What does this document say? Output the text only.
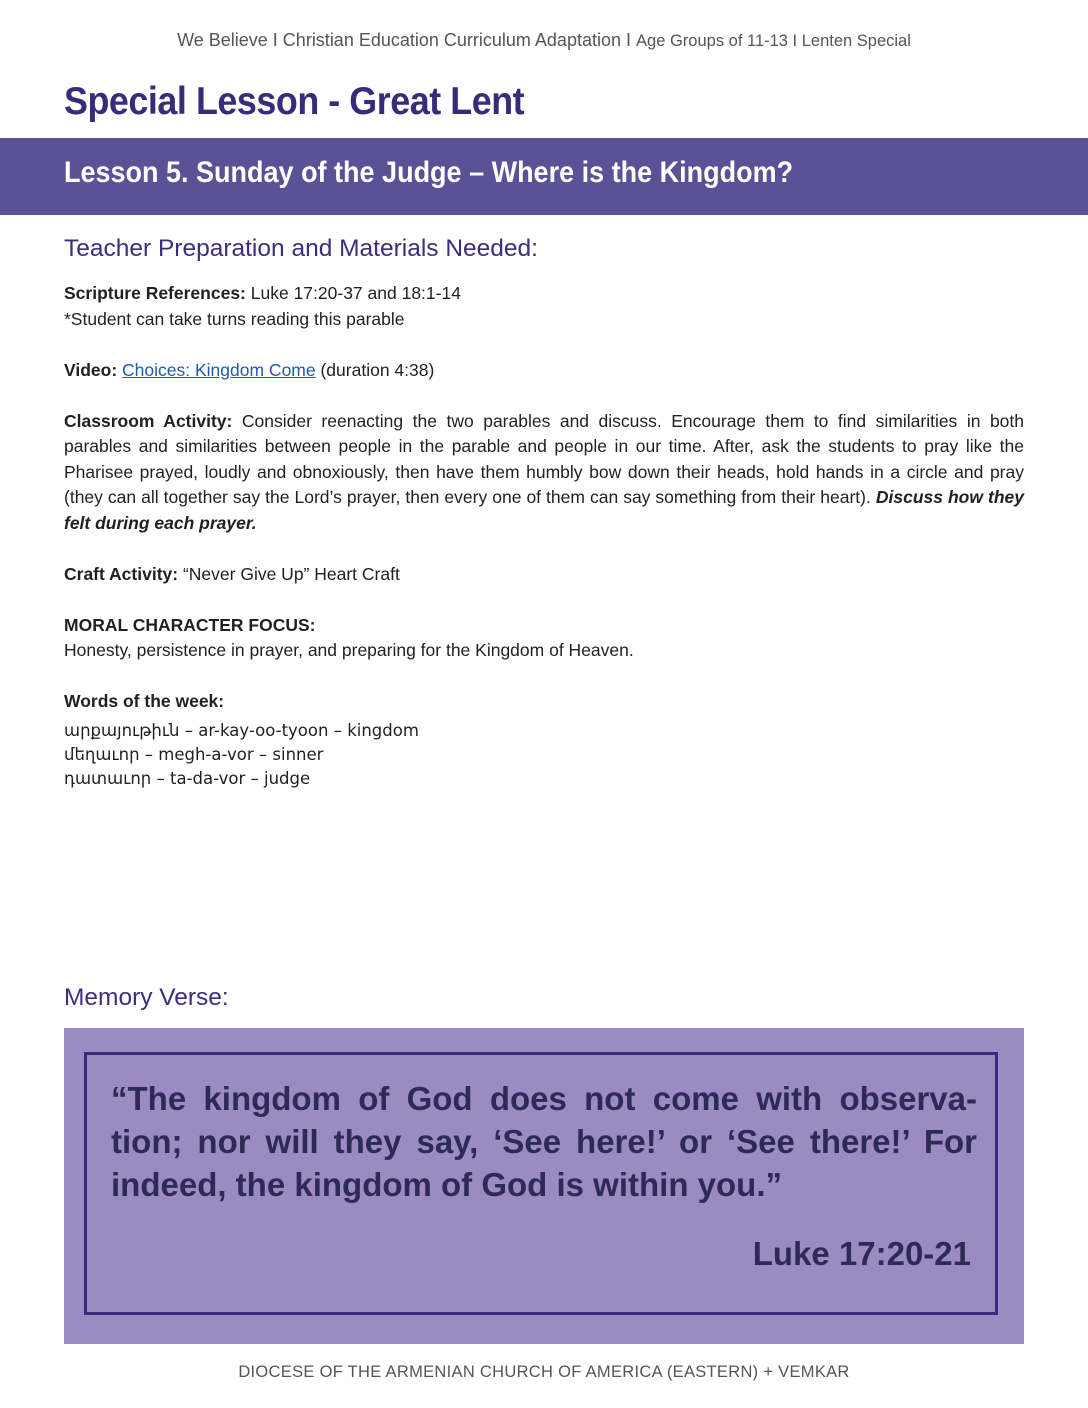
We Believe I Christian Education Curriculum Adaptation I Age Groups of 11-13 I Lenten Special
Special Lesson - Great Lent
Lesson 5. Sunday of the Judge – Where is the Kingdom?
Teacher Preparation and Materials Needed:

Scripture References: Luke 17:20-37 and 18:1-14

*Student can take turns reading this parable

Video: Choices: Kingdom Come (duration 4:38)

Classroom Activity: Consider reenacting the two parables and discuss. Encourage them to find similarities in both parables and similarities between people in the parable and people in our time. After, ask the students to pray like the Pharisee prayed, loudly and obnoxiously, then have them humbly bow down their heads, hold hands in a circle and pray (they can all together say the Lord’s prayer, then every one of them can say something from their heart). Discuss how they felt during each prayer.

Craft Activity: “Never Give Up” Heart Craft

MORAL CHARACTER FOCUS:

Honesty, persistence in prayer, and preparing for the Kingdom of Heaven.

Words of the week:

արքայութիւն – ar-kay-oo-tyoon – kingdom
մեղաւոր – megh-a-vor – sinner
դատաւոր – ta-da-vor – judge
Memory Verse:

“The kingdom of God does not come with observa-tion; nor will they say, ‘See here!’ or ‘See there!’ For indeed, the kingdom of God is within you.”

Luke 17:20-21

DIOCESE OF THE ARMENIAN CHURCH OF AMERICA (EASTERN) + VEMKAR
